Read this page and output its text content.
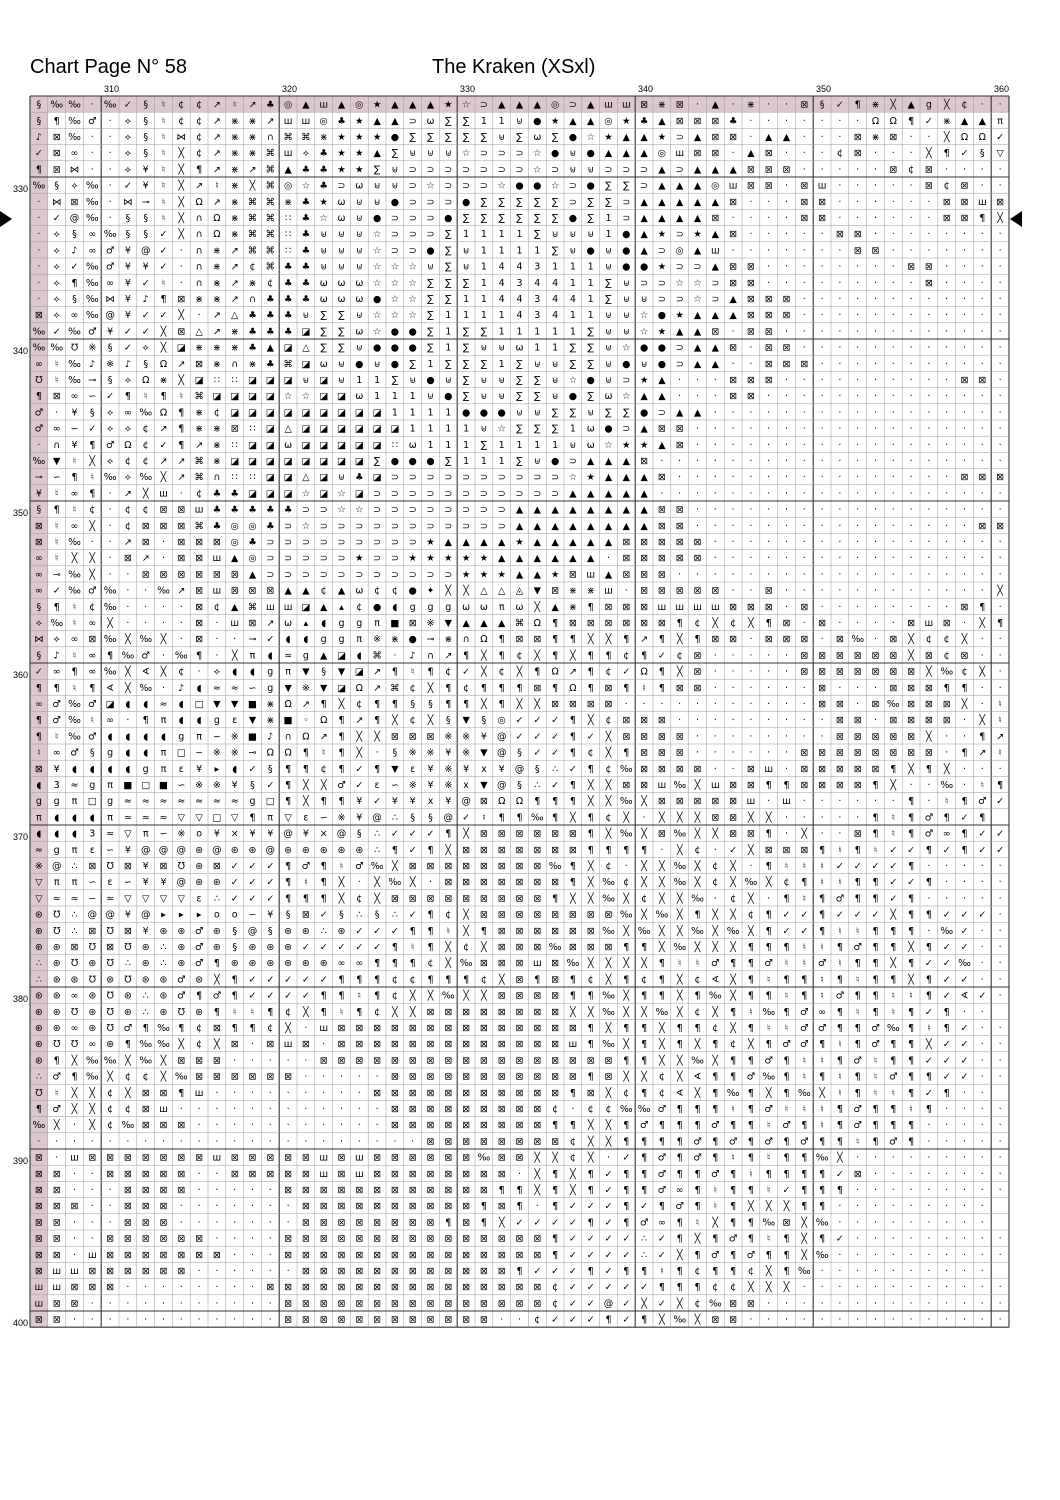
Chart Page N° 58	The Kraken (XSxl)
§ ‰ ‰ · ‰ ✓ § ♮ ¢ ¢ ↗ ♮ ↗ ♣ ◎ ▲ ш ▲ ◎ ★ ▲ ▲ ▲ ★ ☆ ⊃ ▲ ▲ ▲ ◎ ⊃ ▲ ш ш ⊠ ⋇ ⊠ · ▲ · ⋇ · · ⊠ § ✓ ¶ ⋇ ╳ ▲ g ╳ ¢ · ·
§ ¶ ‰ ♂ · ⟡ § ♮ ¢ ¢ ↗ ⋇ ⋇ ↗ ш ш ◎ ♣ ★ ▲ ▲ ⊃ ω ∑ ∑ 1 1 ⊎ ● ★ ▲ ▲ ◎ ★ ♣ ▲ ⊠ ⊠ ⊠ ♣ · · · · · · · Ω Ω ¶ ✓ ⋇ ▲ ▲ π
♪ ⊠ ‰ · · ⟡ § ♮ ⋈ ¢ ↗ ⋇ ⋇ ∩ ⌘ ⌘ ⋇ ★ ★ ★ ● ∑ ∑ ∑ ∑ ∑ ⊎ ∑ ω ∑ ● ☆ ★ ▲ ▲ ★ ⊃ ▲ ⊠ ⊠ · ▲ ▲ · · · ⊠ ⋇ ⊠ · · ╳ Ω Ω ✓
✓ ⊠ ∞ · · ⟡ § ♮ ╳ ¢ ↗ ⋇ ⋇ ⌘ ш ⟡ ♣ ★ ★ ▲ ∑ ⊎ ⊎ ⊎ ☆ ⊃ ⊃ ⊃ ☆ ● ⊎ ● ▲ ▲ ▲ ◎ ш ⊠ ⊠ · ▲ ⊠ · · · ¢ ⊠ · · · ╳ ¶ ✓ § ▽
¶ ⊠ ⋈ · · ⟡ ¥ ♮ ╳ ¶ ↗ ⋇ ↗ ⌘ ▲ ♣ ♣ ★ ★ ∑ ⊎ ⊃ ⊃ ⊃ ⊃ ⊃ ⊃ ⊃ ☆ ⊃ ⊎ ⊎ ⊃ ⊃ ⊃ ▲ ⊃ ▲ ▲ ▲ ⊠ ⊠ ⊠ · · · · · ⊠ ¢ ⊠ · · · ·
‰ § ⟡ ‰ · ✓ ¥ ♮ ╳ ↗ ♮ ⋇ ╳ ⌘ ◎ ☆ ♣ ⊃ ω ⊎ ⊎ ⊃ ☆ ⊃ ⊃ ⊃ ☆ ● ● ☆ ⊃ ● ∑ ∑ ⊃ ▲ ▲ ▲ ◎ ш ⊠ ⊠ · ⊠ ш · · · · · ⊠ ¢ ⊠ · ·
· ⋈ ⊠ ‰ · ⋈ ⊸ ♮ ╳ Ω ↗ ⋇ ⌘ ⌘ ⋇ ♣ ★ ω ⊎ ⊎ ● ⊃ ⊃ ⊃ ● ∑ ∑ ∑ ∑ ∑ ⊃ ∑ ∑ ⊃ ▲ ▲ ▲ ▲ ▲ ⊠ · · · ⊠ ⊠ · · · · · · ⊠ ⊠ ш ⊠
· ✓ @ ‰ · § § ♮ ╳ ∩ Ω ⋇ ⌘ ⌘ ∷ ♣ ☆ ω ⊎ ● ⊃ ⊃ ⊃ ● ∑ ∑ ∑ ∑ ∑ ∑ ● ∑ 1 ⊃ ▲ ▲ ▲ ▲ ⊠ · · · · ⊠ ⊠ · · · · · · ⊠ ⊠ ¶ ╳
· ⟡ § ∞ ‰ § § ✓ ╳ ∩ Ω ⋇ ⌘ ⌘ ∷ ♣ ⊎ ⊎ ⊎ ☆ ⊃ ⊃ ⊃ ∑ 1 1 1 1 ∑ ⊎ ⊎ ⊎ 1 ● ▲ ★ ⊃ ★ ▲ ⊠ · · · · · ⊠ ⊠ · · · · · · · ·
· ⟡ ♪ ∞ ♂ ¥ @ ✓ · ∩ ⋇ ↗ ⌘ ⌘ ∷ ♣ ⊎ ⊎ ⊎ ☆ ⊃ ⊃ ● ∑ ⊎ 1 1 1 1 ∑ ⊎ ● ⊎ ● ▲ ⊃ ◎ ▲ ш · · · · · · · ⊠ ⊠ · · · · · · ·
· ⟡ ✓ ‰ ♂ ¥ ¥ ✓ · ∩ ⋇ ↗ ¢ ⌘ ♣ ♣ ⊎ ⊎ ⊎ ☆ ☆ ☆ ⊎ ∑ ⊎ 1 4 4 3 1 1 1 ⊎ ● ● ★ ⊃ ⊃ ▲ ⊠ ⊠ · · · · · · · · ⊠ ⊠ · · · ·
· ⟡ ¶ ‰ ∞ ¥ ✓ ♮ · ∩ ⋇ ↗ ⋇ ¢ ♣ ♣ ω ω ω ☆ ☆ ☆ ∑ ∑ ∑ 1 4 3 4 4 1 1 ∑ ⊎ ⊃ ⊃ ☆ ☆ ⊃ ⊠ ⊠ · · · · · · · · · ⊠ · · · ·
· ⟡ § ‰ ⋈ ¥ ♪ ¶ ⊠ ⋇ ⋇ ↗ ∩ ♣ ♣ ♣ ω ω ω ● ☆ ☆ ∑ ∑ 1 1 4 4 3 4 4 1 ∑ ⊎ ⊎ ⊃ ⊃ ☆ ⊃ ▲ ⊠ ⊠ ⊠ · · · · · · · · · · · ·
⊠ ⟡ ∞ ‰ @ ¥ ✓ ✓ ╳ · ↗ △ ♣ ♣ ♣ ⊎ ∑ ∑ ⊎ ☆ ☆ ☆ ∑ 1 1 1 1 4 3 4 1 1 ⊎ ⊎ ☆ ● ★ ▲ ▲ ▲ ⊠ ⊠ ⊠ · · · · · · · · · · · ·
‰ ✓ ‰ ♂ ¥ ✓ ✓ ╳ ⊠ △ ↗ ⋇ ♣ ♣ ♣ ◪ ∑ ∑ ω ☆ ● ● ∑ 1 ∑ ∑ 1 1 1 1 1 ∑ ⊎ ⊎ ☆ ★ ▲ ▲ ⊠ · ⊠ ⊠ · · · · · · · · · · · · ·
‰ ‰ ℧ ※ § ✓ ⟡ ╳ ◪ ⋇ ⋇ ⋇ ♣ ▲ ◪ △ ∑ ∑ ⊎ ● ● ● ∑ 1 ∑ ⊎ ⊎ ω 1 1 ∑ ∑ ⊎ ☆ ● ● ⊃ ▲ ▲ ⊠ · ⊠ ⊠ · · · · · · · · · · · ·
∞ ♮ ‰ ♪ ※ ♪ § Ω ↗ ⊠ ⋇ ∩ ⋇ ♣ ⌘ ◪ ω ⊎ ● ⊎ ● ∑ 1 ∑ ∑ ∑ 1 ∑ ⊎ ⊎ ∑ ∑ ⊎ ● ⊎ ● ⊃ ▲ ▲ · · ⊠ ⊠ ⊠ · · · · · · · · · · ·
℧ ♮ ‰ ⊸ § ⟡ Ω ⋇ ╳ ◪ ∷ ∷ ◪ ◪ ◪ ⊎ ◪ ⊎ 1 1 ∑ ⊎ ● ⊎ ∑ ⊎ ⊎ ∑ ∑ ⊎ ☆ ● ⊎ ⊃ ★ ▲ · · · ⊠ ⊠ ⊠ · · · · · · · · · · ⊠ ⊠ ·
¶ ⊠ ∞ ∽ ✓ ¶ ♮ ¶ ♮ ⌘ ◪ ◪ ◪ ◪ ☆ ☆ ◪ ◪ ω 1 1 1 ⊎ ● ∑ ⊎ ⊎ ∑ ∑ ⊎ ● ∑ ω ☆ ▲ ▲ · · · ⊠ ⊠ · · · · · · · · · · · · · ·
♂ · ¥ § ⟡ ∞ ‰ Ω ¶ ⋇ ¢ ◪ ◪ ◪ ◪ ◪ ◪ ◪ ◪ ◪ 1 1 1 1 ● ● ● ⊎ ⊎ ∑ ∑ ⊎ ∑ ∑ ● ⊃ ▲ ▲ · · · · · · · · · · · · · · · · ·
♂ ∞ ∽ ✓ ⟡ ⟡ ¢ ↗ ¶ ⋇ ⋇ ⊠ ∷ ◪ △ ◪ ◪ ◪ ◪ ◪ ◪ 1 1 1 1 ⊎ ☆ ∑ ∑ ∑ 1 ω ● ⊃ ▲ ⊠ ⊠ · · · · · · · · · · · · · · · · · ·
· ∩ ¥ ¶ ♂ Ω ¢ ✓ ¶ ↗ ⋇ ∷ ◪ ◪ ω ◪ ◪ ◪ ◪ ◪ ∷ ω 1 1 1 ∑ 1 1 1 1 ⊎ ω ☆ ★ ★ ▲ ⊠ · · · · · · · · · · · · · · · · · ·
‰ ▼ ♮ ╳ ⟡ ¢ ¢ ↗ ↗ ⌘ ⋇ ◪ ◪ ◪ ◪ ◪ ◪ ◪ ◪ ∑ ● ● ● ∑ 1 1 1 ∑ ⊎ ● ⊃ ▲ ▲ ▲ ⊠ · · · · · · · · · · · · · · · · · · · ·
⊸ ∽ ¶ ♮ ‰ ⟡ ‰ ╳ ↗ ⌘ ∩ ∷ ∷ ◪ ◪ △ ◪ ⊎ ♣ ◪ ⊃ ⊃ ⊃ ⊃ ⊃ ⊃ ⊃ ⊃ ⊃ ⊃ ☆ ★ ▲ ▲ ▲ ⊠ · · · · · · · · · · · · · · · · ⊠ ⊠ ⊠
¥ ♮ ∞ ¶ · ↗ ╳ ш · ¢ ♣ ♣ ◪ ◪ ◪ ☆ ◪ ☆ ◪ ⊃ ⊃ ⊃ ⊃ ⊃ ⊃ ⊃ ⊃ ⊃ ⊃ ⊃ ▲ ▲ ▲ ▲ ▲ · · · · · · · · · · · · · · · · · · · ·
§ ¶ ♮ ¢ · ¢ ¢ ⊠ ⊠ ш ♣ ♣ ♣ ♣ ♣ ⊃ ⊃ ☆ ☆ ⊃ ⊃ ⊃ ⊃ ⊃ ⊃ ⊃ ⊃ ▲ ▲ ▲ ▲ ▲ ▲ ▲ ▲ ⊠ ⊠ · · · · · · · · · · · · · · · · · ·
⊠ ♮ ∞ ╳ · ¢ ⊠ ⊠ ⊠ ⌘ ♣ ◎ ◎ ♣ ⊃ ☆ ⊃ ⊃ ⊃ ⊃ ⊃ ⊃ ⊃ ⊃ ⊃ ⊃ ⊃ ▲ ▲ ▲ ▲ ▲ ▲ ▲ ▲ ⊠ ⊠ · · · · · · · · · · · · · · · · ⊠ ⊠
⊠ ♮ ‰ · · ↗ ⊠ · ⊠ ⊠ ⊠ ◎ ♣ ⊃ ⊃ ⊃ ⊃ ⊃ ⊃ ⊃ ⊃ ⊃ ★ ▲ ▲ ▲ ▲ ★ ▲ ▲ ▲ ▲ ▲ ⊠ ⊠ ⊠ ⊠ ⊠ · · · · · · · · · · · · · · · · ·
∞ ♮ ╳ ╳ · ⊠ ↗ · ⊠ ⊠ ш ▲ ◎ ⊃ ⊃ ⊃ ⊃ ⊃ ★ ⊃ ⊃ ★ ★ ★ ★ ★ ▲ ▲ ▲ ▲ ▲ ▲ · ⊠ ⊠ ⊠ ⊠ ⊠ · · · · · · · · · · · · · · · · ·
∞ ⊸ ‰ ╳ · · ⊠ ⊠ ⊠ ⊠ ⊠ ⊠ ▲ ⊃ ⊃ ⊃ ⊃ ⊃ ⊃ ⊃ ⊃ ⊃ ⊃ ⊃ ★ ★ ★ ▲ ▲ ★ ⊠ ш ▲ ⊠ ⊠ ⊠ · · · · · · · · · · · · · · · · · · ·
∞ ✓ ‰ ♂ ‰ · · ‰ ↗ ⊠ ш ⊠ ⊠ ⊠ ▲ ▲ ¢ ▲ ω ¢ ¢ ● ✦ ╳ ╳ △ △ ◬ ▼ ⊠ ⋇ ⋇ ш · ⊠ ⊠ ⊠ ⊠ ⊠ · · ⊠ · · · · · · · · · · · · ╳
§ ¶ ♮ ¢ ‰ · · · · ⊠ ¢ ▲ ⌘ ш ш ◪ ▲ ▴ ¢ ● ◖ g g g ω ω π ω ╳ ▲ ⋇ ¶ ⊠ ⊠ ⊠ ш ш ш ш ⊠ ⊠ ⊠ · ⊠ · · · · · · · · ⊠ ¶ ·
⟡ ‰ ♮ ∞ ╳ · · · · ⊠ · ш ⊠ ↗ ω ▴ ◖ g g π ■ ⊠ ※ ▼ ▲ ▲ ▲ ⌘ Ω ¶ ⊠ ⊠ ⊠ ⊠ ⊠ ⊠ ¶ ¢ ╳ ¢ ╳ ¶ ⊠ · ⊠ · · · · ⊠ ш ⊠ · ╳ ¶
⋈ ⟡ ∞ ⊠ ‰ ╳ ‰ ╳ · ⊠ · · ⊸ ✓ ◖ ◖ g g π ※ ⋇ ● ⊸ ⋇ ∩ Ω ¶ ⊠ ⊠ ¶ ¶ ╳ ╳ ¶ ↗ ¶ ╳ ¶ ⊠ ⊠ · ⊠ ⊠ ⊠ · ⊠ ‰ · ⊠ ╳ ¢ ¢ ╳ · ·
§ ♪ ♮ ∞ ¶ ‰ ♂ · ‰ ¶ · ╳ π ◖ ≈ g ▲ ◪ ◖ ⌘ · ♪ ∩ ↗ ¶ ╳ ¶ ¢ ╳ ¶ ╳ ¶ ¶ ¢ ¶ ✓ ¢ ⊠ · · · · · ⊠ ⊠ ⊠ ⊠ ⊠ ⊠ ╳ ⊠ ¢ ⊠ · ·
✓ ∞ ¶ ∞ ‰ ╳ ∢ ╳ ¢ · ⟡ ◖ ◖ g π ▼ § ▼ ◪ ↗ ¶ ♮ ¶ ¢ ✓ ╳ ¢ ╳ ¶ Ω ↗ ¶ ¢ ✓ Ω ¶ ╳ ⊠ · · · · · ⊠ ⊠ ⊠ ⊠ ⊠ ⊠ ⊠ ╳ ‰ ¢ ╳ ·
¶ ¶ ♮ ¶ ∢ ╳ ‰ · ♪ ◖ ≈ ≈ ∽ g ▼ ※ ▼ ◪ Ω ↗ ⌘ ¢ ╳ ¶ ¢ ¶ ¶ ¶ ⊠ ¶ Ω ¶ ⊠ ¶ ♮ ¶ ⊠ ⊠ · · · · · · ⊠ · · · ⊠ ⊠ ⊠ ¶ ¶ · ·
∞ ♂ ‰ ♂ ◪ ◖ ◖ ≈ ◖ □ ▼ ▼ ■ ⋇ Ω ↗ ¶ ╳ ¢ ¶ ¶ § § ¶ ¶ ╳ ¶ ╳ ╳ ⊠ ⊠ ⊠ ⊠ · · · · · · · · · · · ⊠ ⊠ · ⊠ ‰ ⊠ ⊠ ⊠ ╳ · ♮
¶ ♂ ‰ ♮ ∞ · ¶ π ◖ ◖ g ε ▼ ⋇ ■ ◦ Ω ¶ ↗ ¶ ╳ ¢ ╳ § ▼ § ◎ ✓ ✓ ✓ ¶ ╳ ¢ ⊠ ⊠ ⊠ · · · · · · · · · ⊠ ⊠ · ⊠ ⊠ ⊠ ⊠ · ╳ ♮
¶ ♮ ‰ ♂ ◖ ◖ ◖ ◖ g π ∽ ※ ■ ♪ ∩ Ω ↗ ¶ ╳ ╳ ⊠ ⊠ ⊠ ※ ※ ¥ @ ✓ ✓ ✓ ¶ ✓ ╳ ⊠ ⊠ ⊠ ⊠ · · · · · · · · ⊠ ⊠ ⊠ ⊠ ⊠ ╳ · · ¶ ↗
♮ ∞ ♂ § g ◖ ◖ π □ ∽ ※ ※ ⊸ Ω Ω ¶ ♮ ¶ ╳ · § ※ ※ ¥ ※ ▼ @ § ✓ ✓ ¶ ¢ ╳ ¶ ⊠ ⊠ ⊠ · · · · · · ⊠ ⊠ ⊠ ⊠ ⊠ ⊠ ⊠ ⊠ · ¶ ↗ ♮
⊠ ¥ ◖ ◖ ◖ ◖ g π ε ¥ ▸ ◖ ✓ § ¶ ¶ ¢ ¶ ✓ ¶ ▼ ε ¥ ※ ¥ x ¥ @ § ∴ ✓ ¶ ¢ ‰ ⊠ ⊠ ⊠ ⊠ · · ⊠ ш · ⊠ ⊠ ⊠ ⊠ ⊠ ¶ ╳ ¶ ╳ · · ·
◖ 3 ≈ g π ■ □ ■ ∽ ※ ※ ¥ § ✓ ¶ ╳ ╳ ♂ ✓ ε ∽ ※ ¥ ※ x ▼ @ § ∴ ✓ ¶ ╳ ╳ ⊠ ⊠ ш ‰ ╳ ш ⊠ ⊠ ¶ ¶ ⊠ ⊠ ⊠ ⊠ ¶ ╳ · · ‰ · ♮ ¶
g g π □ g ≈ ≈ ≈ ≈ ≈ ≈ ≈ g □ ¶ ╳ ¶ ¶ ¥ ✓ ¥ ¥ x ¥ @ ⊠ Ω Ω ¶ ¶ ¶ ╳ ╳ ‰ ╳ ⊠ ⊠ ⊠ ⊠ ⊠ ш · ш · · · · · · ¶ · ♮ ¶ ♂ ✓
π ◖ ◖ ◖ π ≈ ≈ ≈ ▽ ▽ □ ▽ ¶ π ▽ ε ∽ ※ ¥ @ ∴ § § @ ✓ ♮ ¶ ¶ ‰ ¶ ╳ ¶ ¢ ╳ · ╳ ╳ ╳ ⊠ ⊠ ╳ ╳ · · · · · ¶ ♮ ¶ ♂ ¶ ✓ ¶
◖ ◖ ◖ 3 ≈ ▽ π ∽ ※ o ¥ × ¥ ¥ @ ¥ × @ § ∴ ✓ ✓ ✓ ¶ ╳ ⊠ ⊠ ⊠ ⊠ ⊠ ⊠ ¶ ╳ ‰ ╳ ⊠ ‰ ╳ ╳ ⊠ ⊠ ¶ · ╳ · · ⊠ ¶ ♮ ¶ ♂ ∞ ¶ ✓ ✓
≈ g π ε ∽ ¥ @ @ @ ⊛ @ ⊛ ⊛ @ ⊛ ⊛ ⊛ ⊛ ⊛ ∴ ¶ ✓ ¶ ╳ ⊠ ⊠ ⊠ ⊠ ⊠ ⊠ ⊠ ¶ ¶ ¶ ¶ · ╳ ¢ · ✓ ╳ ⊠ ⊠ ⊠ ¶ ♮ ¶ ♮ ✓ ✓ ¶ ✓ ¶ ✓ ✓
※ @ ∴ ⊠ ℧ ⊠ ¥ ⊠ ℧ ⊛ ⊠ ✓ ✓ ✓ ¶ ♂ ¶ ♮ ♂ ‰ ╳ ⊠ ⊠ ⊠ ⊠ ⊠ ⊠ ⊠ ⊠ ‰ ¶ ╳ ¢ · ╳ ╳ ‰ ╳ ¢ ╳ · ¶ ♮ ♮ ♮ ✓ ✓ ✓ ✓ ¶ · · · · ·
▽ π π ∽ ε ∽ ¥ ¥ @ ⊛ ⊛ ✓ ✓ ✓ ¶ ♮ ¶ ╳ · ╳ ‰ ╳ · ⊠ ⊠ ⊠ ⊠ ⊠ ⊠ ⊠ ¶ ╳ ‰ ¢ ╳ ╳ ‰ ╳ ¢ ╳ ‰ ╳ ¢ ¶ ♮ ♮ ¶ ¶ ✓ ✓ ¶ · · · ·
▽ ≈ ≈ ∽ ≈ ▽ ▽ ▽ ▽ ε ∴ ✓ ✓ ✓ ¶ ¶ ¶ ╳ ¢ ╳ ⊠ ⊠ ⊠ ⊠ ⊠ ⊠ ⊠ ⊠ ⊠ ¶ ╳ ╳ ‰ ╳ ¢ ╳ ╳ ‰ · ¢ ╳ · ¶ ♮ ¶ ♂ ¶ ¶ ✓ ¶ · · · · ·
⊛ ℧ ∴ @ @ ¥ @ ▸ ▸ ▸ o o ∽ ¥ § ⊠ ✓ § ∴ § ∴ ✓ ¶ ¢ ╳ ⊠ ⊠ ⊠ ⊠ ⊠ ⊠ ⊠ ⊠ ‰ ╳ ‰ ╳ ¶ ╳ ╳ ¢ ¶ ✓ ✓ ¶ ✓ ✓ ✓ ╳ ¶ ¶ ✓ ✓ ✓ ·
⊛ ℧ ∴ ⊠ ℧ ⊠ ¥ ⊛ ⊛ ♂ ⊛ § @ § ⊛ ⊛ ∴ ⊛ ✓ ✓ ✓ ¶ ¶ ♮ ╳ ¶ ⊠ ⊠ ⊠ ⊠ ⊠ ⊠ ‰ ╳ ‰ ╳ ╳ ‰ ╳ ‰ ╳ ¶ ✓ ✓ ¶ ♮ ♮ ¶ ¶ ¶ · ‰ ✓ · ·
⊛ ⊛ ⊠ ℧ ⊠ ℧ ⊛ ∴ ⊛ ♂ ⊛ § ⊛ ⊛ ⊛ ✓ ✓ ✓ ✓ ✓ ¶ ♮ ¶ ╳ ¢ ╳ ⊠ ⊠ ⊠ ‰ ⊠ ⊠ ⊠ ¶ ¶ ╳ ‰ ╳ ╳ ╳ ¶ ¶ ¶ ♮ ♮ ¶ ♂ ¶ ¶ ╳ ¶ ✓ ✓ · ·
∴ ⊛ ℧ ⊛ ℧ ∴ ⊛ ∴ ⊛ ♂ ¶ ⊛ ⊛ ⊛ ⊛ ⊛ ⊛ ∞ ∞ ¶ ¶ ¶ ¢ ╳ ‰ ⊠ ⊠ ⊠ ш ⊠ ‰ ╳ ╳ ╳ ╳ ¶ ♮ ♮ ♂ ¶ ¶ ♂ ♮ ♮ ♂ ♮ ¶ ¶ ╳ ¶ ✓ ✓ ‰ · ·
∴ ⊛ ⊛ ℧ ⊛ ℧ ⊛ ⊛ ♂ ⊛ ╳ ¶ ✓ ✓ ✓ ✓ ✓ ¶ ¶ ¶ ¢ ¢ ¶ ¶ ¶ ¢ ╳ ⊠ ¶ ⊠ ¶ ¢ ╳ ¶ ¢ ¶ ╳ ¢ ∢ ╳ ¶ ♮ ¶ ¶ ♮ ¶ ♮ ¶ ¶ ╳ ¶ ✓ ✓ · ·
⊛ ⊛ ∞ ⊛ ℧ ⊛ ∴ ⊛ ♂ ¶ ♂ ¶ ✓ ✓ ✓ ✓ ¶ ¶ ♮ ¶ ¢ ╳ ╳ ‰ ╳ ╳ ⊠ ⊠ ⊠ ⊠ ¶ ¶ ‰ ╳ ¶ ¶ ╳ ¶ ‰ ╳ ¶ ¶ ♮ ¶ ♮ ♂ ¶ ¶ ♮ ♮ ¶ ✓ ∢ ✓ ·
⊛ ⊛ ℧ ⊛ ℧ ⊛ ∴ ⊛ ℧ ⊛ ¶ ♮ ♮ ¶ ¢ ╳ ¶ ♮ ¶ ¢ ╳ ╳ ⊠ ⊠ ⊠ ⊠ ⊠ ⊠ ⊠ ⊠ ╳ ╳ ‰ ╳ ╳ ‰ ╳ ¢ ╳ ¶ ♮ ‰ ¶ ♂ ∞ ¶ ♮ ¶ ♮ ¶ ✓ ¶ · ·
⊛ ⊛ ∞ ⊛ ℧ ♂ ¶ ‰ ¶ ¢ ⊠ ¶ ¶ ¢ ╳ · ш ⊠ ⊠ ⊠ ⊠ ⊠ ⊠ ⊠ ⊠ ⊠ ⊠ ⊠ ⊠ ⊠ ⊠ ¶ ╳ ¶ ¶ ╳ ¶ ¶ ¢ ╳ ¶ ♮ ♮ ♂ ♂ ¶ ¶ ♂ ‰ ¶ ♮ ¶ ✓ · ·
⊛ ℧ ℧ ∞ ⊛ ¶ ‰ ‰ ╳ ¢ ╳ ⊠ · ⊠ ш ⊠ · ⊠ ⊠ ⊠ ⊠ ⊠ ⊠ ⊠ ⊠ ⊠ ⊠ ⊠ ⊠ ⊠ ш ¶ ‰ ╳ ¶ ╳ ¶ ╳ ¶ ¢ ╳ ¶ ♂ ♂ ¶ ♮ ¶ ♂ ¶ ¶ ╳ ✓ ✓ · ·
⊛ ¶ ╳ ‰ ‰ ╳ ‰ ╳ ⊠ ⊠ ⊠ · · · · · ⊠ ⊠ ⊠ ⊠ ⊠ ⊠ ⊠ ⊠ ⊠ ⊠ ⊠ ⊠ ⊠ ⊠ ⊠ ⊠ ⊠ ¶ ¶ ╳ ╳ ‰ ╳ ¶ ¶ ♂ ¶ ♮ ♮ ¶ ♂ ♮ ¶ ¶ ✓ ✓ ✓ · ·
∴ ♂ ¶ ‰ ╳ ¢ ¢ ╳ ‰ ⊠ ⊠ ⊠ ⊠ ⊠ ⊠ · · · · · ⊠ ⊠ ⊠ ⊠ ⊠ ⊠ ⊠ ⊠ ⊠ ⊠ ⊠ ¶ ⊠ ╳ ╳ ¢ ╳ ∢ ¶ ¶ ♂ ‰ ¶ ♮ ¶ ♮ ¶ ♮ ♂ ¶ ¶ ✓ ✓ · ·
℧ ♮ ╳ ╳ ¢ ╳ ⊠ ⊠ ¶ ш · · · · · · · · · ⊠ ⊠ ⊠ ⊠ ⊠ ⊠ ⊠ ⊠ ⊠ ⊠ ⊠ ¶ ⊠ ╳ ¢ ¶ ¢ ∢ ╳ ¶ ‰ ¶ ╳ ¶ ‰ ╳ ♮ ¶ ♮ ♮ ¶ ✓ ¶ · ·
¶ ♂ ╳ ╳ ¢ ¢ ⊠ ш · · · · · · · · · · · · ⊠ ⊠ ⊠ ⊠ ⊠ ⊠ ⊠ ⊠ ⊠ ¢ · ¢ ¢ ‰ ‰ ♂ ¶ ¶ ¶ ♮ ¶ ♂ ♮ ♮ ♮ ¶ ♂ ¶ ¶ ♮ ¶ · · · ·
‰ ╳ · ╳ ¢ ‰ ⊠ ⊠ ⊠ · · · · · · · · · · · ⊠ ⊠ ⊠ ⊠ ⊠ ⊠ ⊠ ⊠ ⊠ ¶ ¶ ╳ ╳ ¶ ♂ ¶ ¶ ¶ ♂ ¶ ¶ ♮ ♂ ¶ ♮ ¶ ♂ ¶ ¶ ¶ · · · · ·
· · · · · · · · · · · · · · · · · · · · · · ⊠ ⊠ ⊠ ⊠ ⊠ ⊠ ⊠ ⊠ ¢ ╳ ╳ ¶ ¶ ¶ ¶ ♂ ¶ ♂ ¶ ♂ ¶ ♂ ¶ ¶ ♮ ¶ ♂ ¶ · · · · ·
⊠ · ш ⊠ ⊠ ⊠ ⊠ ⊠ ⊠ ⊠ ш ⊠ ⊠ ⊠ ⊠ ⊠ ш ⊠ ш ⊠ ⊠ ⊠ ⊠ ⊠ ⊠ ‰ ⊠ ⊠ ╳ ╳ ¢ ╳ · ✓ ¶ ♂ ¶ ♂ ¶ ♮ ¶ ♮ ¶ ¶ ‰ ╳ · · · · · · · · ·
⊠ ⊠ · · ⊠ ⊠ ⊠ ⊠ ⊠ · · ⊠ ⊠ ⊠ ⊠ ⊠ ш ⊠ ш ⊠ ⊠ ⊠ ⊠ ⊠ ⊠ ⊠ ⊠ · ╳ ¶ ╳ ¶ ✓ ¶ ¶ ♂ ¶ ¶ ♂ ¶ ♮ ¶ ¶ ¶ ¶ ✓ ⊠ · · · · · · · ·
⊠ ⊠ · · · ⊠ ⊠ ⊠ ⊠ · · · · · ⊠ ⊠ ⊠ ⊠ ⊠ ⊠ ⊠ ⊠ ⊠ ⊠ ⊠ ⊠ ¶ ¶ ╳ ¶ ╳ ¶ ✓ ¶ ¶ ♂ ∞ ¶ ♮ ¶ ¶ ♮ ✓ ¶ ¶ ¶ · · · · · · · · ·
⊠ ⊠ ⊠ · · ⊠ ⊠ ⊠ · · · · · · · ⊠ ⊠ ⊠ ⊠ ⊠ ⊠ ⊠ ⊠ ⊠ ⊠ ¶ ⊠ ¶ · ¶ ✓ ✓ ✓ ¶ ✓ ¶ ♂ ¶ ♮ ¶ ╳ ╳ ╳ ¶ ¶ · · · · · · · · ·
⊠ ⊠ · · · ⊠ ⊠ ⊠ · · · · · · · ⊠ ⊠ ⊠ ⊠ ⊠ ⊠ ⊠ ⊠ ¶ ⊠ ¶ ╳ ✓ ✓ ✓ ✓ ¶ ✓ ¶ ♂ ∞ ¶ ♮ ╳ ¶ ¶ ‰ ⊠ ╳ ‰ · · · · · · · · ·
⊠ ⊠ · · ⊠ ⊠ ⊠ ⊠ ⊠ ⊠ · · · · ⊠ ⊠ ⊠ ⊠ ⊠ ⊠ ⊠ ⊠ ⊠ ⊠ ⊠ ⊠ ⊠ ⊠ ⊠ ¶ ✓ ✓ ✓ ✓ ∴ ✓ ¶ ╳ ¶ ♂ ¶ ♮ ¶ ╳ ¶ ✓ · · · · · · · · ·
⊠ ⊠ · ш ⊠ ⊠ ⊠ ⊠ ⊠ ⊠ ⊠ · · · ⊠ ⊠ ⊠ ⊠ ⊠ ⊠ ⊠ ⊠ ⊠ ⊠ ⊠ ⊠ ⊠ ⊠ ⊠ ¶ ✓ ✓ ✓ ✓ ∴ ✓ ╳ ¶ ♂ ¶ ♂ ¶ ¶ ╳ ‰ · · · · · · · · · ·
⊠ ш ш ⊠ ⊠ ⊠ ⊠ ⊠ ⊠ · · · · · · ⊠ ⊠ ⊠ ⊠ ⊠ ⊠ ⊠ ⊠ ⊠ ⊠ ⊠ ⊠ ¶ ✓ ✓ ✓ ¶ ✓ ¶ ¶ ♮ ¶ ¢ ¶ ¶ ¢ ╳ ¶ ‰ · · · · · · · · · ·
ш ш ⊠ ⊠ ⊠ · · · · · · · · ⊠ ⊠ ⊠ ⊠ ⊠ ⊠ ⊠ ⊠ ⊠ ⊠ ⊠ ⊠ ⊠ ⊠ ⊠ ⊠ ¢ ✓ ✓ ✓ ✓ ✓ ¶ ¶ ¶ ¢ ¢ ╳ ╳ ╳ · · · · · · · · · · · ·
ш ⊠ ⊠ · · · · · · · · · · · ⊠ ⊠ ⊠ ⊠ ⊠ ⊠ ⊠ ⊠ ⊠ ⊠ ⊠ ⊠ ⊠ ⊠ ⊠ ¢ ✓ ✓ @ ✓ ╳ ✓ ╳ ¢ ‰ ⊠ ⊠ · · · · · · · · · · · · · ·
⊠ ⊠ · · · · · · · · · · · · ⊠ ⊠ ⊠ ⊠ ⊠ ⊠ ⊠ ⊠ ⊠ ⊠ ⊠ ⊠ · · ¢ ✓ ✓ ✓ ¶ ✓ ¶ ╳ ‰ ╳ ⊠ ⊠ · · · · · · · · · · · · · · ·
310	320	330	340	350	360
330
340
350
360
370
380
390
400
